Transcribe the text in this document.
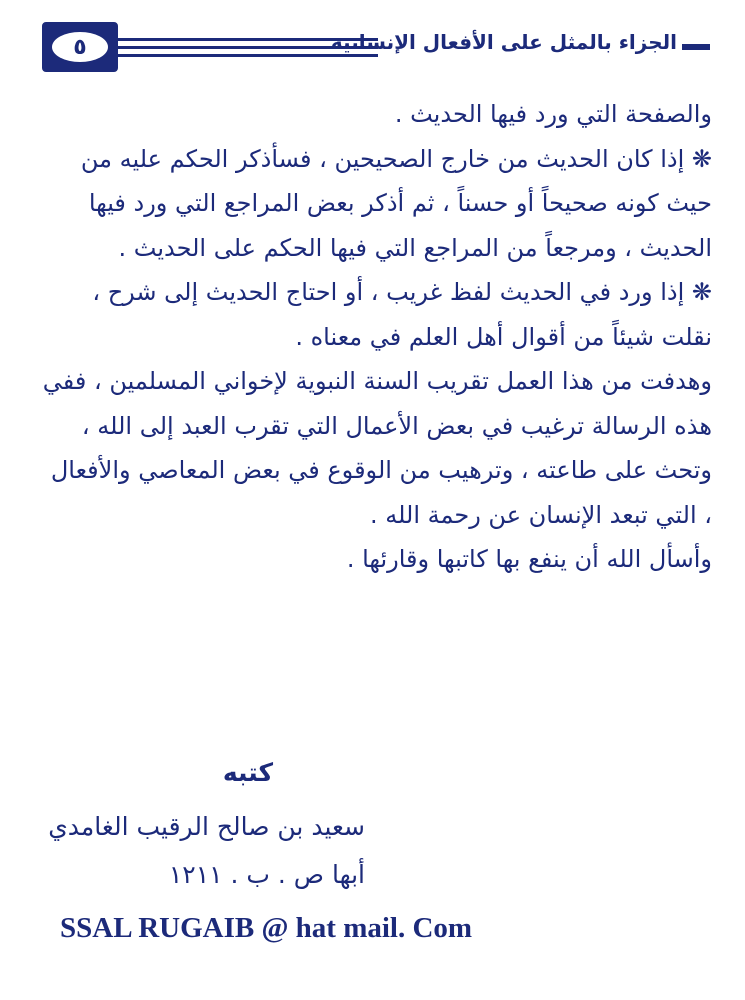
٥	الجزاء بالمثل على الأفعال الإنسانية

والصفحة التي ورد فيها الحديث .

❋ إذا كان الحديث من خارج الصحيحين ، فسأذكر الحكم عليه من حيث كونه صحيحاً أو حسناً ، ثم أذكر بعض المراجع التي ورد فيها الحديث ، ومرجعاً من المراجع التي فيها الحكم على الحديث .

❋ إذا ورد في الحديث لفظ غريب ، أو احتاج الحديث إلى شرح ، نقلت شيئاً من أقوال أهل العلم في معناه .

وهدفت من هذا العمل تقريب السنة النبوية لإخواني المسلمين ، ففي هذه الرسالة ترغيب في بعض الأعمال التي تقرب العبد إلى الله ، وتحث على طاعته ، وترهيب من الوقوع في بعض المعاصي والأفعال ، التي تبعد الإنسان عن رحمة الله .

وأسأل الله أن ينفع بها كاتبها وقارئها .

كتبه
سعيد بن صالح الرقيب الغامدي
أبها ص . ب . ١٢١١
SSAL RUGAIB @ hat mail. Com
